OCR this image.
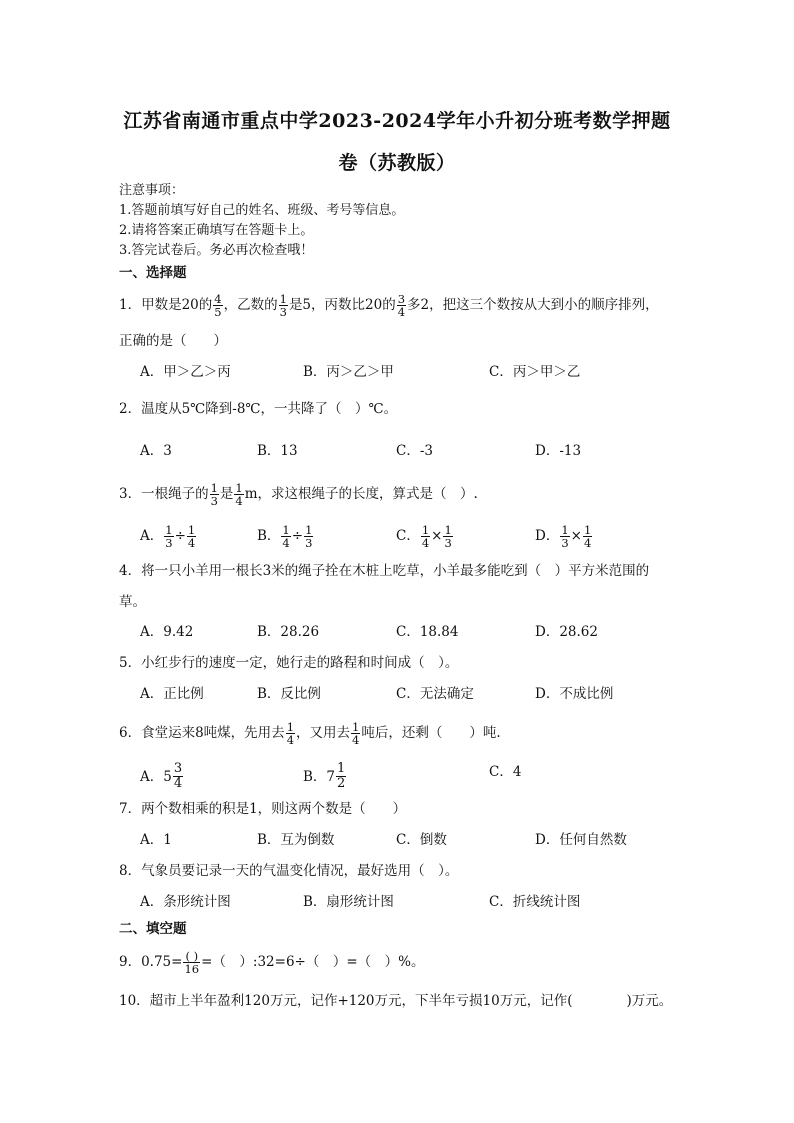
江苏省南通市重点中学2023-2024学年小升初分班考数学押题
卷（苏教版）
注意事项：
1.答题前填写好自己的姓名、班级、考号等信息。
2.请将答案正确填写在答题卡上。
3.答完试卷后。务必再次检查哦！
一、选择题
1．甲数是20的 $\frac{4}{5}$ ，乙数的 $\frac{1}{3}$ 是5，丙数比20的 $\frac{3}{4}$ 多2，把这三个数按从大到小的顺序排列，
正确的是（　　）
A．甲＞乙＞丙	B．丙＞乙＞甲	C．丙＞甲＞乙
2．温度从5℃降到-8℃，一共降了（　）℃。
A．3	B．13	C．-3	D．-13
3．一根绳子的 $\frac{1}{3}$ 是 $\frac{1}{4}$ m，求这根绳子的长度，算式是（　）.
A． $\frac{1}{3} \div \frac{1}{4}$	B． $\frac{1}{4} \div \frac{1}{3}$	C． $\frac{1}{4} \times \frac{1}{3}$	D． $\frac{1}{3} \times \frac{1}{4}$
4．将一只小羊用一根长3米的绳子拴在木桩上吃草，小羊最多能吃到（　）平方米范围的
草。
A．9.42	B．28.26	C．18.84	D．28.62
5．小红步行的速度一定，她行走的路程和时间成（　）。
A．正比例	B．反比例	C．无法确定	D．不成比例
6．食堂运来8吨煤，先用去 $\frac{1}{4}$ ，又用去 $\frac{1}{4}$ 吨后，还剩（　　）吨.
A． $5 \frac{3}{4}$	B． $7 \frac{1}{2}$	C．4
7．两个数相乘的积是1，则这两个数是（　　）
A．1	B．互为倒数	C．倒数	D．任何自然数
8．气象员要记录一天的气温变化情况，最好选用（　）。
A．条形统计图	B．扇形统计图	C．折线统计图
二、填空题
9．$0.75= \frac{( )}{16}$ =（　）:32=6÷（　）=（　）%。
10．超市上半年盈利120万元，记作+120万元，下半年亏损10万元，记作(　　　　)万元。
